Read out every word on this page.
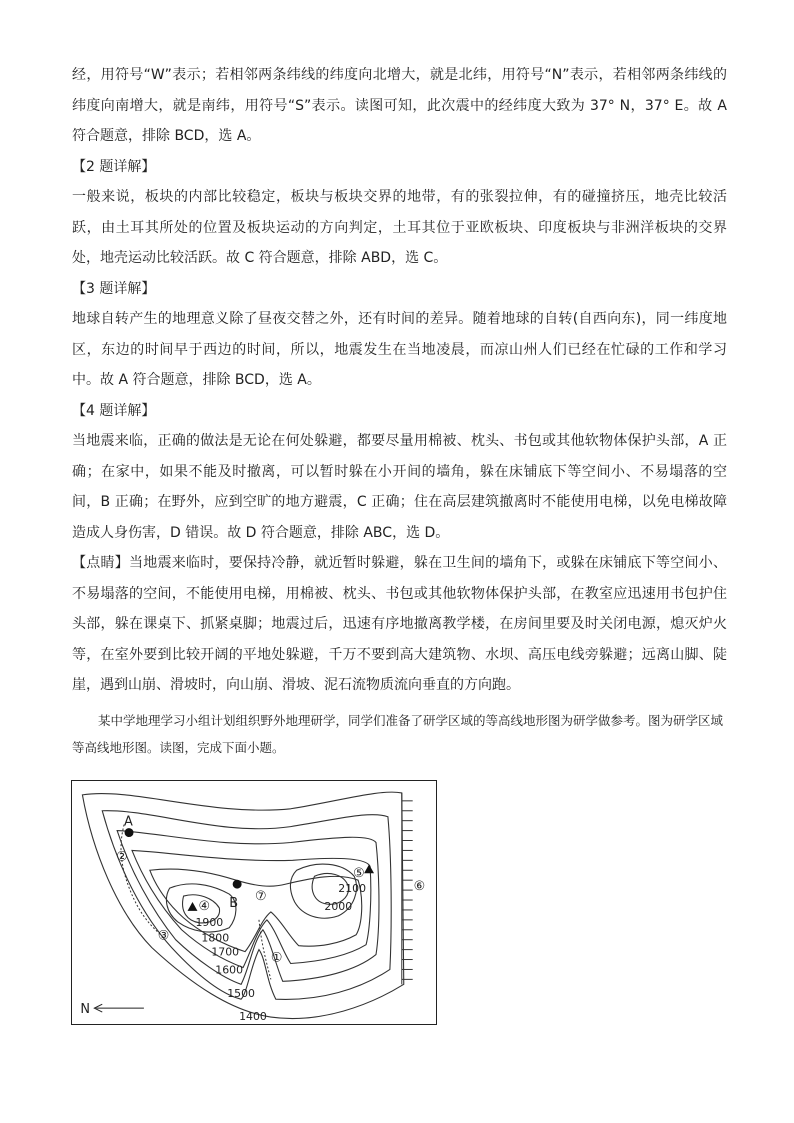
经，用符号“W”表示；若相邻两条纬线的纬度向北增大，就是北纬，用符号“N”表示，若相邻两条纬线的纬度向南增大，就是南纬，用符号“S”表示。读图可知，此次震中的经纬度大致为 37° N，37° E。故 A 符合题意，排除 BCD，选 A。

【2 题详解】

一般来说，板块的内部比较稳定，板块与板块交界的地带，有的张裂拉伸，有的碰撞挤压，地壳比较活跃，由土耳其所处的位置及板块运动的方向判定，土耳其位于亚欧板块、印度板块与非洲洋板块的交界处，地壳运动比较活跃。故 C 符合题意，排除 ABD，选 C。

【3 题详解】

地球自转产生的地理意义除了昼夜交替之外，还有时间的差异。随着地球的自转(自西向东)，同一纬度地区，东边的时间早于西边的时间，所以，地震发生在当地凌晨，而凉山州人们已经在忙碌的工作和学习中。故 A 符合题意，排除 BCD，选 A。

【4 题详解】

当地震来临，正确的做法是无论在何处躲避，都要尽量用棉被、枕头、书包或其他软物体保护头部，A 正确；在家中，如果不能及时撤离，可以暂时躲在小开间的墙角，躲在床铺底下等空间小、不易塌落的空间，B 正确；在野外，应到空旷的地方避震，C 正确；住在高层建筑撤离时不能使用电梯，以免电梯故障造成人身伤害，D 错误。故 D 符合题意，排除 ABC，选 D。

【点睛】当地震来临时，要保持冷静，就近暂时躲避，躲在卫生间的墙角下，或躲在床铺底下等空间小、不易塌落的空间，不能使用电梯，用棉被、枕头、书包或其他软物体保护头部，在教室应迅速用书包护住头部，躲在课桌下、抓紧桌脚；地震过后，迅速有序地撤离教学楼，在房间里要及时关闭电源，熄灭炉火等，在室外要到比较开阔的平地处躲避，千万不要到高大建筑物、水坝、高压电线旁躲避；远离山脚、陡崖，遇到山崩、滑坡时，向山崩、滑坡、泥石流物质流向垂直的方向跑。

某中学地理学习小组计划组织野外地理研学，同学们准备了研学区域的等高线地形图为研学做参考。图为研学区域等高线地形图。读图，完成下面小题。

A
B
②
③
④
⑤
⑥
⑦
①
2100
2000
1900
1800
1700
1600
1500
1400
N
